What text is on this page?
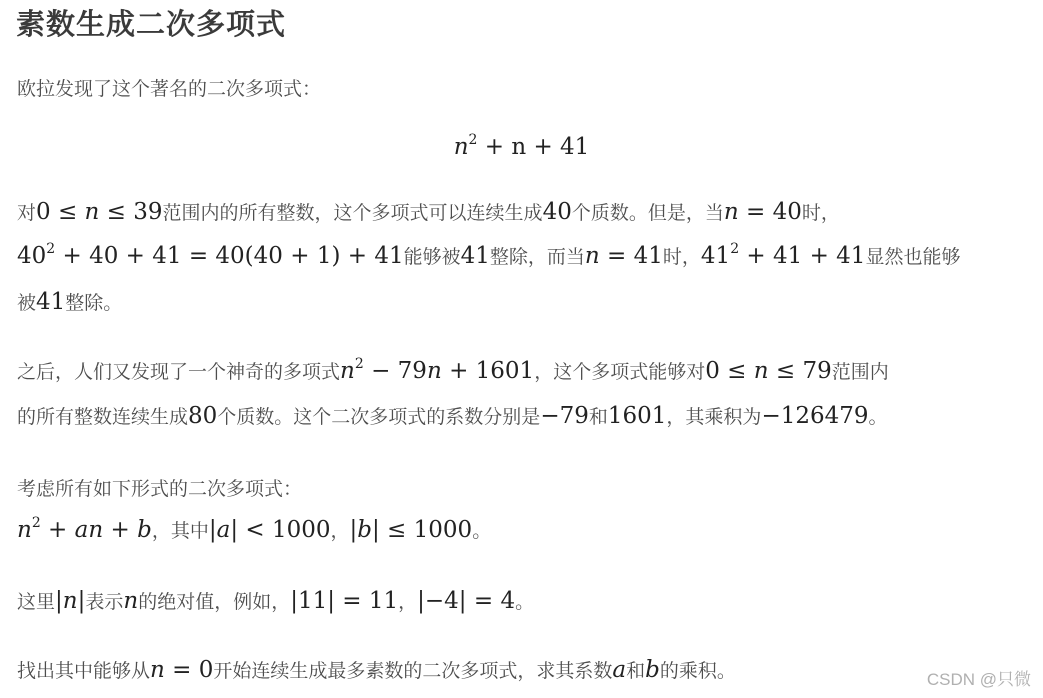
素数生成二次多项式
欧拉发现了这个著名的二次多项式：
$n^2 + n + 41$
对0 ≤ n ≤ 39范围内的所有整数，这个多项式可以连续生成40个质数。但是，当n = 40时，
$40^2 + 40 + 41 = 40(40 + 1) + 41$能够被41整除，而当n = 41时，$41^2 + 41 + 41$显然也能够
被41整除。
之后，人们又发现了一个神奇的多项式$n^2 - 79n + 1601$，这个多项式能够对0 ≤ n ≤ 79范围内
的所有整数连续生成80个质数。这个二次多项式的系数分别是−79和1601，其乘积为−126479。
考虑所有如下形式的二次多项式：
$n^2$ + an + b，其中|a| < 1000，|b| ≤ 1000。
这里|n|表示n的绝对值，例如，|11| = 11，|−4| = 4。
找出其中能够从n = 0开始连续生成最多素数的二次多项式，求其系数a和b的乘积。	CSDN @只微
